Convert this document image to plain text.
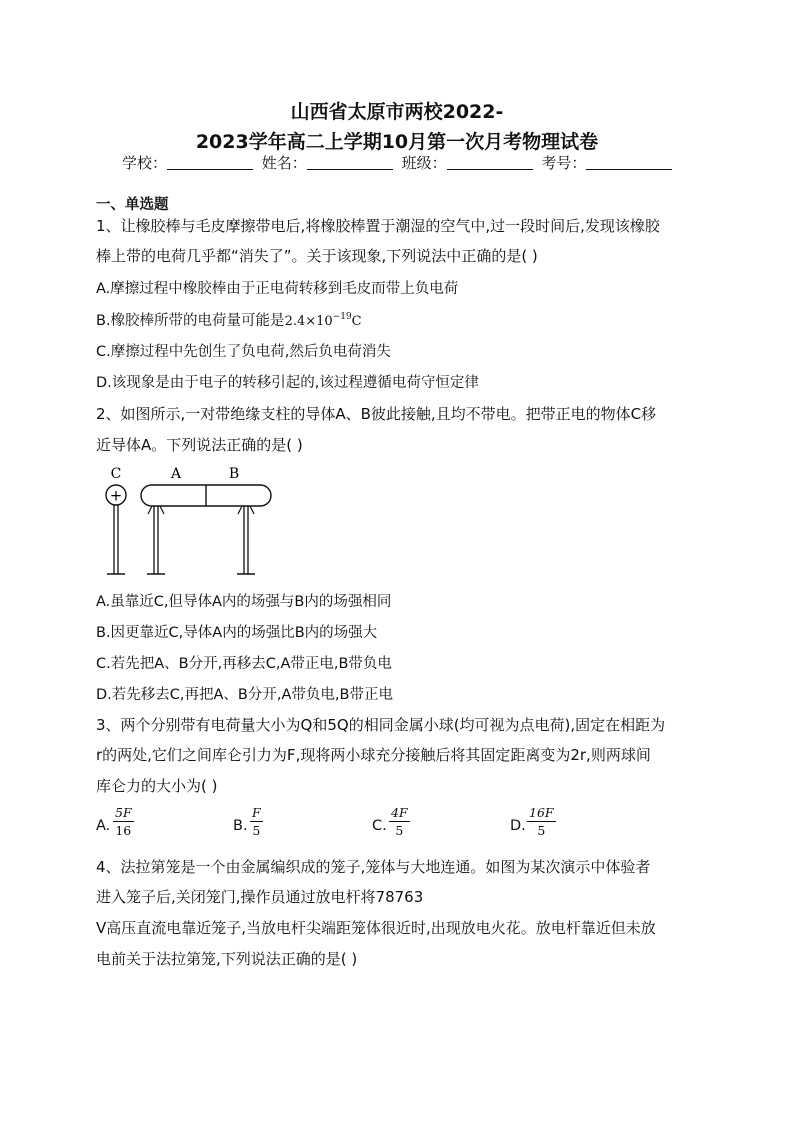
山西省太原市两校2022-
2023学年高二上学期10月第一次月考物理试卷
学校：	姓名：	班级：	考号：
一、单选题
1、让橡胶棒与毛皮摩擦带电后,将橡胶棒置于潮湿的空气中,过一段时间后,发现该橡胶
棒上带的电荷几乎都“消失了”。关于该现象,下列说法中正确的是( )
A.摩擦过程中橡胶棒由于正电荷转移到毛皮而带上负电荷
B.橡胶棒所带的电荷量可能是$2.4\times 10^{-19}C$
C.摩擦过程中先创生了负电荷,然后负电荷消失
D.该现象是由于电子的转移引起的,该过程遵循电荷守恒定律
2、如图所示,一对带绝缘支柱的导体A、B彼此接触,且均不带电。把带正电的物体C移
近导体A。下列说法正确的是( )
C	A	B
+
A.虽靠近C,但导体A内的场强与B内的场强相同
B.因更靠近C,导体A内的场强比B内的场强大
C.若先把A、B分开,再移去C,A带正电,B带负电
D.若先移去C,再把A、B分开,A带负电,B带正电
3、两个分别带有电荷量大小为Q和5Q的相同金属小球(均可视为点电荷),固定在相距为
r的两处,它们之间库仑引力为F,现将两小球充分接触后将其固定距离变为2r,则两球间
库仑力的大小为( )
A. $\frac{5F}{16}$	B. $\frac{F}{5}$	C. $\frac{4F}{5}$	D. $\frac{16F}{5}$
4、法拉第笼是一个由金属编织成的笼子,笼体与大地连通。如图为某次演示中体验者
进入笼子后,关闭笼门,操作员通过放电杆将78763
V高压直流电靠近笼子,当放电杆尖端距笼体很近时,出现放电火花。放电杆靠近但未放
电前关于法拉第笼,下列说法正确的是( )
